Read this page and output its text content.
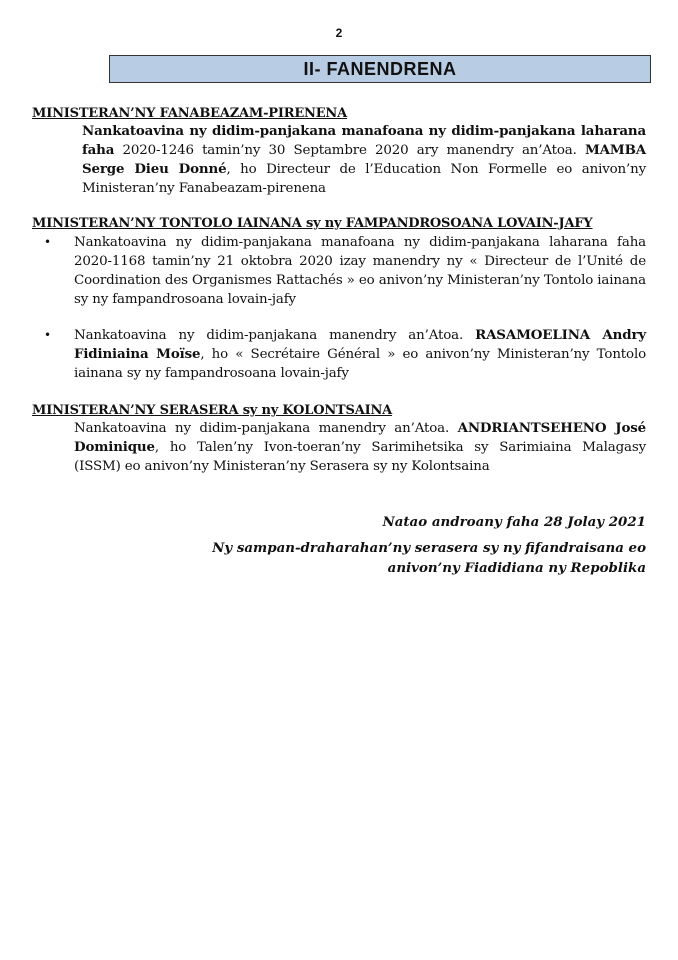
2
II- FANENDRENA
MINISTERAN’NY FANABEAZAM-PIRENENA
Nankatoavina ny didim-panjakana manafoana ny didim-panjakana laharana faha 2020-1246 tamin’ny 30 Septambre 2020 ary manendry an’Atoa. MAMBA Serge Dieu Donné, ho Directeur de l’Education Non Formelle eo anivon’ny Ministeran’ny Fanabeazam-pirenena
MINISTERAN’NY TONTOLO IAINANA sy ny FAMPANDROSOANA LOVAIN-JAFY
• Nankatoavina ny didim-panjakana manafoana ny didim-panjakana laharana faha 2020-1168 tamin’ny 21 oktobra 2020 izay manendry ny « Directeur de l’Unité de Coordination des Organismes Rattachés » eo anivon’ny Ministeran’ny Tontolo iainana sy ny fampandrosoana lovain-jafy
• Nankatoavina ny didim-panjakana manendry an’Atoa. RASAMOELINA Andry Fidiniaina Moïse, ho « Secrétaire Général » eo anivon’ny Ministeran’ny Tontolo iainana sy ny fampandrosoana lovain-jafy
MINISTERAN’NY SERASERA sy ny KOLONTSAINA
Nankatoavina ny didim-panjakana manendry an’Atoa. ANDRIANTSEHENO José Dominique, ho Talen’ny Ivon-toeran’ny Sarimihetsika sy Sarimiaina Malagasy (ISSM) eo anivon’ny Ministeran’ny Serasera sy ny Kolontsaina
Natao androany faha 28 Jolay 2021
Ny sampan-draharahan’ny serasera sy ny fifandraisana eo
anivon’ny Fiadidiana ny Repoblika
